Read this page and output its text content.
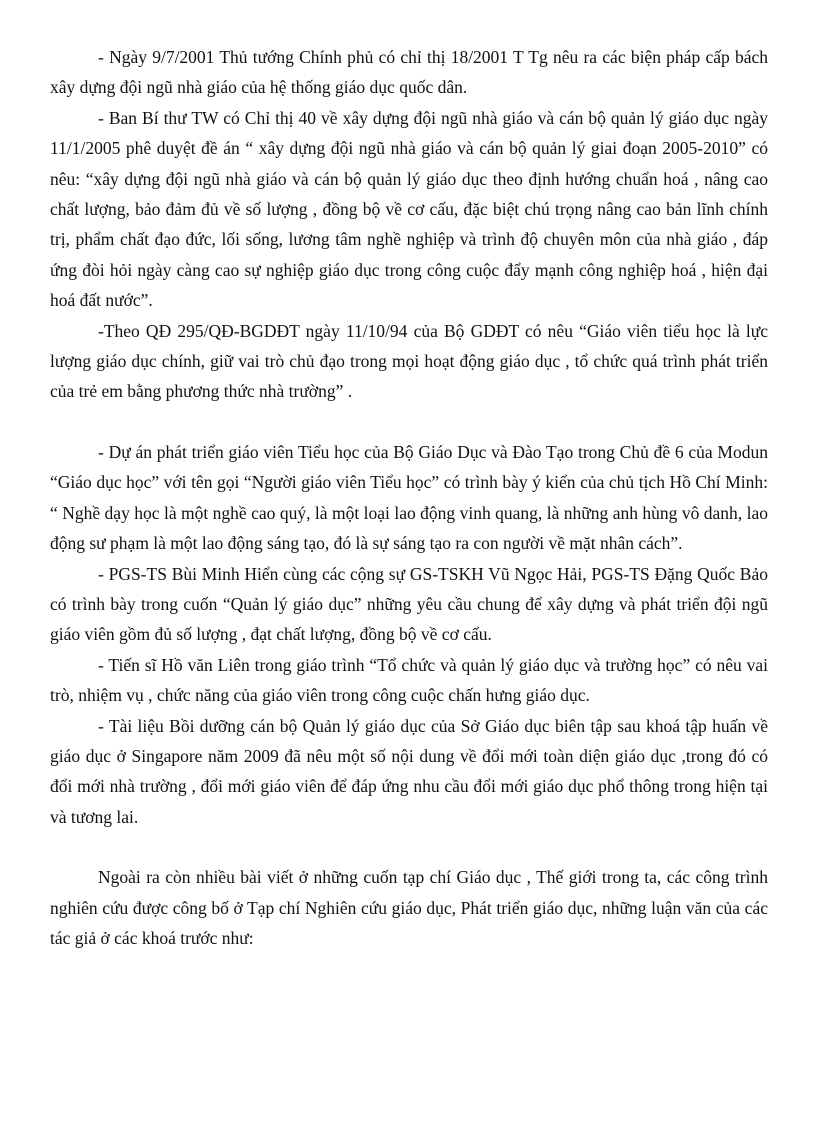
- Ngày 9/7/2001 Thủ tướng Chính phủ có chỉ thị 18/2001 T Tg nêu ra các biện pháp cấp bách xây dựng đội ngũ nhà giáo của hệ thống giáo dục quốc dân.

- Ban Bí thư TW có Chỉ thị 40 về xây dựng đội ngũ nhà giáo và cán bộ quản lý giáo dục ngày 11/1/2005 phê duyệt đề án “ xây dựng đội ngũ nhà giáo và cán bộ quản lý giai đoạn 2005-2010” có nêu: “xây dựng đội ngũ nhà giáo và cán bộ quản lý giáo dục theo định hướng chuẩn hoá , nâng cao chất lượng, bảo đảm đủ về số lượng , đồng bộ về cơ cấu, đặc biệt chú trọng nâng cao bản lĩnh chính trị, phẩm chất đạo đức, lối sống, lương tâm nghề nghiệp và trình độ chuyên môn của nhà giáo , đáp ứng đòi hỏi ngày càng cao sự nghiệp giáo dục trong công cuộc đẩy mạnh công nghiệp hoá , hiện đại hoá đất nước”.

-Theo QĐ 295/QĐ-BGDĐT ngày 11/10/94 của Bộ GDĐT có nêu “Giáo viên tiểu học là lực lượng giáo dục chính, giữ vai trò chủ đạo trong mọi hoạt động giáo dục , tổ chức quá trình phát triển của trẻ em bằng phương thức nhà trường” .

- Dự án phát triển giáo viên Tiểu học của Bộ Giáo Dục và Đào Tạo trong Chủ đề 6 của Modun “Giáo dục học” với tên gọi “Người giáo viên Tiểu học” có trình bày ý kiến của chủ tịch Hồ Chí Minh: “ Nghề dạy học là một nghề cao quý, là một loại lao động vinh quang, là những anh hùng vô danh, lao động sư phạm là một lao động sáng tạo, đó là sự sáng tạo ra con người về mặt nhân cách”.

- PGS-TS Bùi Minh Hiển cùng các cộng sự GS-TSKH Vũ Ngọc Hải, PGS-TS Đặng Quốc Bảo có trình bày trong cuốn “Quản lý giáo dục” những yêu cầu chung để xây dựng và phát triển đội ngũ giáo viên gồm đủ số lượng , đạt chất lượng, đồng bộ về cơ cấu.

- Tiến sĩ Hồ văn Liên trong giáo trình “Tổ chức và quản lý giáo dục và trường học” có nêu vai trò, nhiệm vụ , chức năng của giáo viên trong công cuộc chấn hưng giáo dục.

- Tài liệu Bồi dưỡng cán bộ Quản lý giáo dục của Sở Giáo dục biên tập sau khoá tập huấn về giáo dục ở Singapore năm 2009 đã nêu một số nội dung về đổi mới toàn diện giáo dục ,trong đó có đổi mới nhà trường , đổi mới giáo viên để đáp ứng nhu cầu đổi mới giáo dục phổ thông trong hiện tại và tương lai.

Ngoài ra còn nhiều bài viết ở những cuốn tạp chí Giáo dục , Thế giới trong ta, các công trình nghiên cứu được công bố ở Tạp chí Nghiên cứu giáo dục, Phát triển giáo dục, những luận văn của các tác giả ở các khoá trước như:
